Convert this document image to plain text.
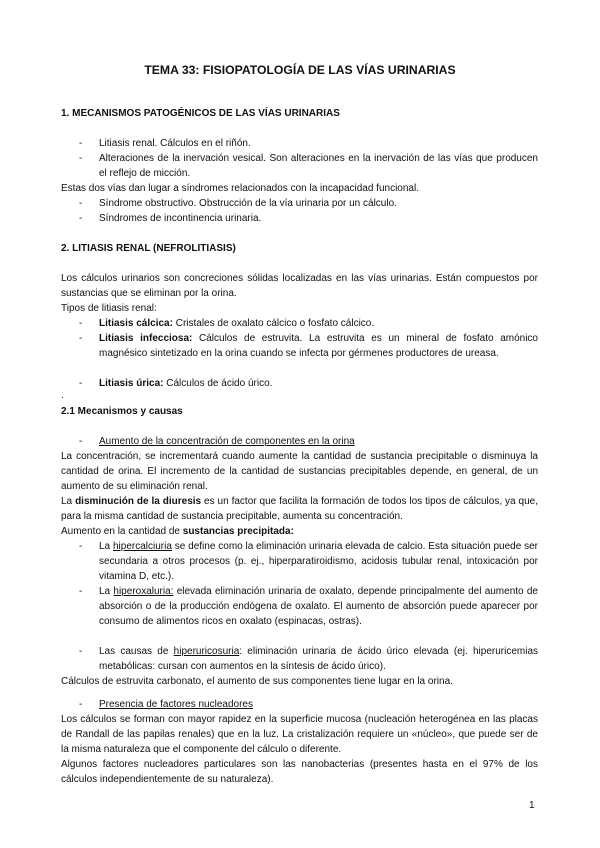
TEMA 33: FISIOPATOLOGÍA DE LAS VÍAS URINARIAS
1. MECANISMOS PATOGÉNICOS DE LAS VÍAS URINARIAS
- Litiasis renal. Cálculos en el riñón.
- Alteraciones de la inervación vesical. Son alteraciones en la inervación de las vías que producen el reflejo de micción.
Estas dos vías dan lugar a síndromes relacionados con la incapacidad funcional.
- Síndrome obstructivo. Obstrucción de la vía urinaria por un cálculo.
- Síndromes de incontinencia urinaria.
2. LITIASIS RENAL (NEFROLITIASIS)
Los cálculos urinarios son concreciones sólidas localizadas en las vías urinarias. Están compuestos por sustancias que se eliminan por la orina.
Tipos de litiasis renal:
- Litiasis cálcica: Cristales de oxalato cálcico o fosfato cálcico.
- Litiasis infecciosa: Cálculos de estruvita. La estruvita es un mineral de fosfato amónico magnésico sintetizado en la orina cuando se infecta por gérmenes productores de ureasa.
- Litiasis úrica: Cálculos de ácido úrico.
.
2.1 Mecanismos y causas
- Aumento de la concentración de componentes en la orina
La concentración, se incrementará cuando aumente la cantidad de sustancia precipitable o disminuya la cantidad de orina. El incremento de la cantidad de sustancias precipitables depende, en general, de un aumento de su eliminación renal.
La disminución de la diuresis es un factor que facilita la formación de todos los tipos de cálculos, ya que, para la misma cantidad de sustancia precipitable, aumenta su concentración.
Aumento en la cantidad de sustancias precipitada:
- La hipercalciuria se define como la eliminación urinaria elevada de calcio. Esta situación puede ser secundaria a otros procesos (p. ej., hiperparatiroidismo, acidosis tubular renal, intoxicación por vitamina D, etc.).
- La hiperoxaluria: elevada eliminación urinaria de oxalato, depende principalmente del aumento de absorción o de la producción endógena de oxalato. El aumento de absorción puede aparecer por consumo de alimentos ricos en oxalato (espinacas, ostras).
- Las causas de hiperuricosuria: eliminación urinaria de ácido úrico elevada (ej. hiperuricemias metabólicas: cursan con aumentos en la síntesis de ácido úrico).
Cálculos de estruvita carbonato, el aumento de sus componentes tiene lugar en la orina.
- Presencia de factores nucleadores
Los cálculos se forman con mayor rapidez en la superficie mucosa (nucleación heterogénea en las placas de Randall de las papilas renales) que en la luz. La cristalización requiere un «núcleo», que puede ser de la misma naturaleza que el componente del cálculo o diferente.
Algunos factores nucleadores particulares son las nanobacterias (presentes hasta en el 97% de los cálculos independientemente de su naturaleza).
1
